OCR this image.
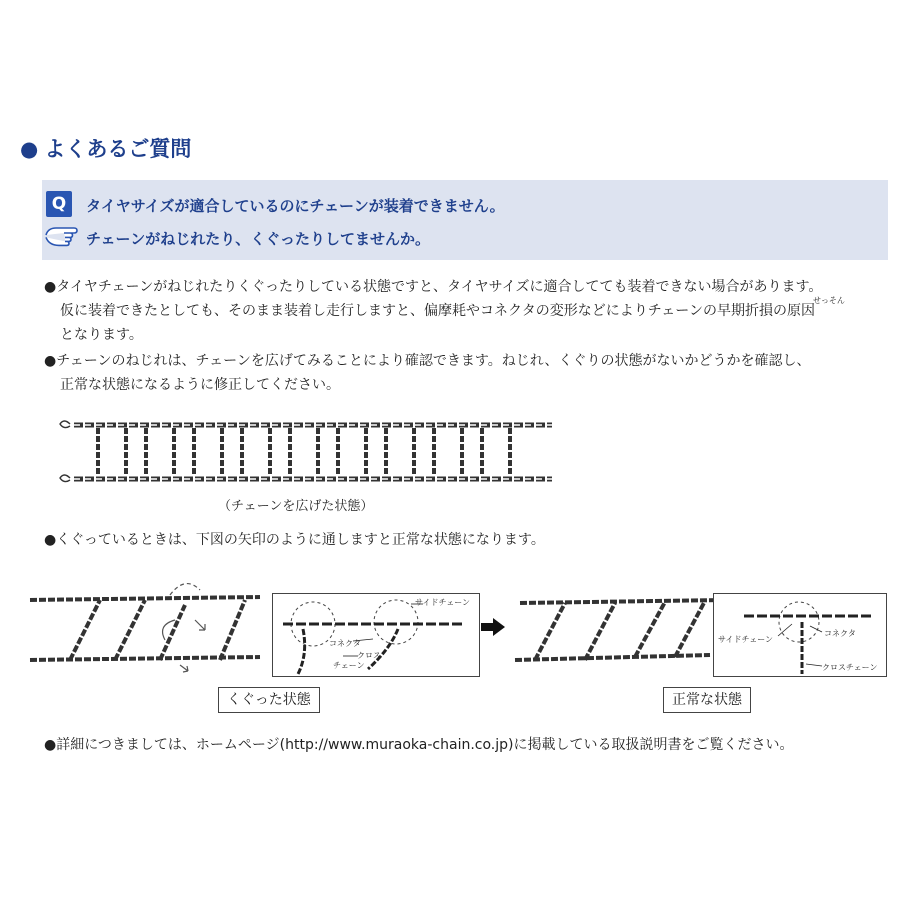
● よくあるご質問
Q	タイヤサイズが適合しているのにチェーンが装着できません。
チェーンがねじれたり、くぐったりしてませんか。
●タイヤチェーンがねじれたりくぐったりしている状態ですと、タイヤサイズに適合してても装着できない場合があります。
仮に装着できたとしても、そのまま装着し走行しますと、偏摩耗やコネクタの変形などによりチェーンの早期折損の原因
せっそん
となります。
●チェーンのねじれは、チェーンを広げてみることにより確認できます。ねじれ、くぐりの状態がないかどうかを確認し、
正常な状態になるように修正してください。
（チェーンを広げた状態）
●くぐっているときは、下図の矢印のように通しますと正常な状態になります。
サイドチェーン
コネクタ
クロス
チェーン
サイドチェーン
コネクタ
クロスチェーン
くぐった状態	正常な状態
●詳細につきましては、ホームページ(http://www.muraoka-chain.co.jp)に掲載している取扱説明書をご覧ください。
